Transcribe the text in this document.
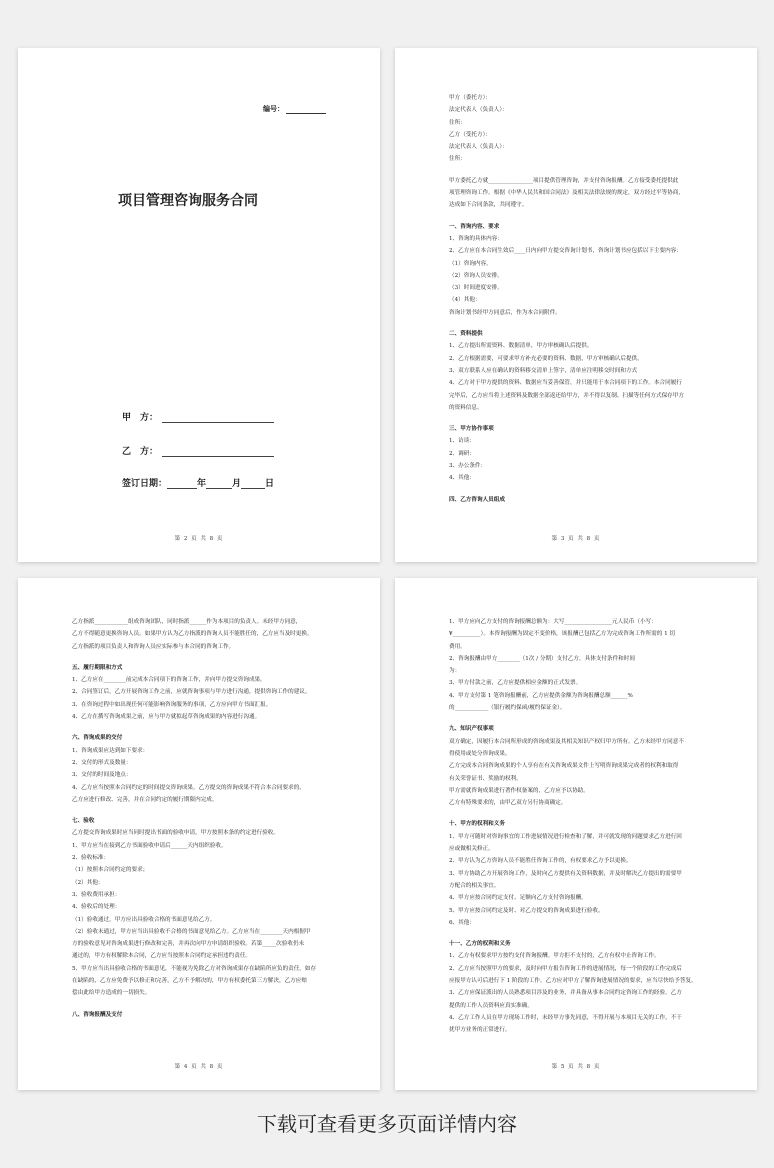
编号：
项目管理咨询服务合同
甲　方：
乙　方：
签订日期：	年	月	日
第 2 页 共 8 页
甲方（委托方）：
法定代表人（负责人）：
住所：
乙方（受托方）：
法定代表人（负责人）：
住所：
甲方委托乙方就________________项目提供管理咨询，并支付咨询报酬。乙方接受委托提供此
项管理咨询工作。根据《中华人民共和国合同法》及相关法律法规的规定，双方经过平等协商，
达成如下合同条款，共同遵守。
一、咨询内容、要求
1、咨询的具体内容：
2、乙方应在本合同生效后____日内向甲方提交咨询计划书，咨询计划书应包括以下主要内容：
（1）咨询内容。
（2）咨询人员安排。
（3）时间进度安排。
（4）其他：
咨询计划书经甲方同意后，作为本合同附件。
二、资料提供
1、乙方提出所需资料、数据清单，甲方审核确认后提供。
2、乙方根据需要，可要求甲方补充必要的资料、数据，甲方审核确认后提供。
3、双方联系人应在确认的资料移交清单上签字，清单应注明移交时间和方式
4、乙方对于甲方提供的资料、数据应当妥善保管，并只能用于本合同项下的工作。本合同履行
完毕后，乙方应当将上述资料及数据全部返还给甲方，并不得以复制、扫描等任何方式保存甲方
的资料信息。
三、甲方协作事项
1、访谈：
2、调研：
3、办公条件：
4、其他：
四、乙方咨询人员组成
第 3 页 共 8 页
乙方指派____________组成咨询团队，同时指派______作为本项目的负责人。未经甲方同意，
乙方不得随意更换咨询人员。如果甲方认为乙方指派的咨询人员不能胜任的，乙方应当及时更换。
乙方指派的项目负责人和咨询人员应实际参与本合同的咨询工作。
五、履行期限和方式
1、乙方应在________前完成本合同项下的咨询工作，并向甲方提交咨询成果。
2、合同签订后，乙方开展咨询工作之前，应就咨询事项与甲方进行沟通，提供咨询工作的建议。
3、在咨询过程中如出现任何可能影响咨询服务的事项，乙方应向甲方书面汇报。
4、乙方在撰写咨询成果之前，应与甲方就拟起草咨询成果的内容进行沟通。
六、咨询成果的交付
1、咨询成果应达到如下要求：
2、交付的形式及数量：
3、交付的时间及地点：
4、乙方应当按照本合同约定的时间提交咨询成果。乙方提交的咨询成果不符合本合同要求的，
乙方应进行修改、完善，并在合同约定的履行期限内完成。
七、验收
乙方提交咨询成果时应当同时提出书面的验收申请，甲方按照本条的约定进行验收。
1、甲方应当在接到乙方书面验收申请后______天内组织验收。
2、验收标准：
（1）按照本合同约定的要求；
（2）其他：
3、验收费用承担：
4、验收后的处理：
（1）验收通过，甲方应出具验收合格的书面意见给乙方。
（2）验收未通过，甲方应当出具验收不合格的书面意见给乙方。乙方应当在________天内根据甲
方的验收意见对咨询成果进行修改和完善，并再次向甲方申请组织验收。若第_____次验收仍未
通过的，甲方有权解除本合同，乙方应当按照本合同约定承担违约责任。
5、甲方应当出具验收合格的书面意见，不能视为免除乙方对咨询成果存在缺陷所应负的责任。如存
在缺陷的，乙方应免费予以修正和完善。乙方不予解决的，甲方有权委托第三方解决，乙方应赔
偿由此给甲方造成的一切损失。
八、咨询报酬及支付
第 4 页 共 8 页
1、甲方应向乙方支付的咨询报酬总额为：大写_________________元人民币（小写：
¥__________）。本咨询报酬为固定不变价格，该报酬已包括乙方为完成咨询工作所需的 1 切
费用。
2、咨询报酬由甲方________（1次 / 分期）支付乙方，具体支付条件和时间
为：
3、甲方付款之前，乙方应提供相应金额的正式发票。
4、甲方支付第 1 笔咨询报酬前，乙方应提供金额为咨询报酬总额______%
的____________（银行履约保函/履约保证金）。
九、知识产权事项
双方确定，因履行本合同所形成的咨询成果及其相关知识产权归甲方所有。乙方未经甲方同意不
得使用或处分咨询成果。
乙方完成本合同咨询成果的个人享有在有关咨询成果文件上写明咨询成果完成者的权利和取得
有关荣誉证书、奖励的权利。
甲方需就咨询成果进行著作权备案的，乙方应予以协助。
乙方有特殊要求的，由甲乙双方另行协商确定。
十、甲方的权利和义务
1、甲方可随时对咨询事宜的工作进展情况进行检查和了解，并可就发现的问题要求乙方进行回
应或做相关修正。
2、甲方认为乙方咨询人员不能胜任咨询工作的，有权要求乙方予以更换。
3、甲方协助乙方开展咨询工作，及时向乙方提供有关资料数据，并及时解决乙方提出的需要甲
方配合的相关事宜。
4、甲方应按合同约定支付、足额向乙方支付咨询报酬。
5、甲方应按合同约定及时、对乙方提交的咨询成果进行验收。
6、其他：
十一、乙方的权利和义务
1、乙方有权要求甲方按约支付咨询报酬。甲方拒不支付的，乙方有权中止咨询工作。
2、乙方应当按照甲方的要求，及时向甲方报告咨询工作的进展情况，每一个阶段的工作完成后
应报甲方认可后进行下 1 阶段的工作。乙方应对甲方了解咨询进展情况的要求，应当尽快给予答复。
3、乙方应保证派出的人员熟悉项目涉及的业务，并具备从事本合同约定咨询工作的经验。乙方
提供的工作人员资料应真实准确。
4、乙方工作人员在甲方现场工作时，未经甲方事先同意，不得开展与本项目无关的工作，不干
扰甲方业务的正常进行。
第 5 页 共 8 页
下载可查看更多页面详情内容
